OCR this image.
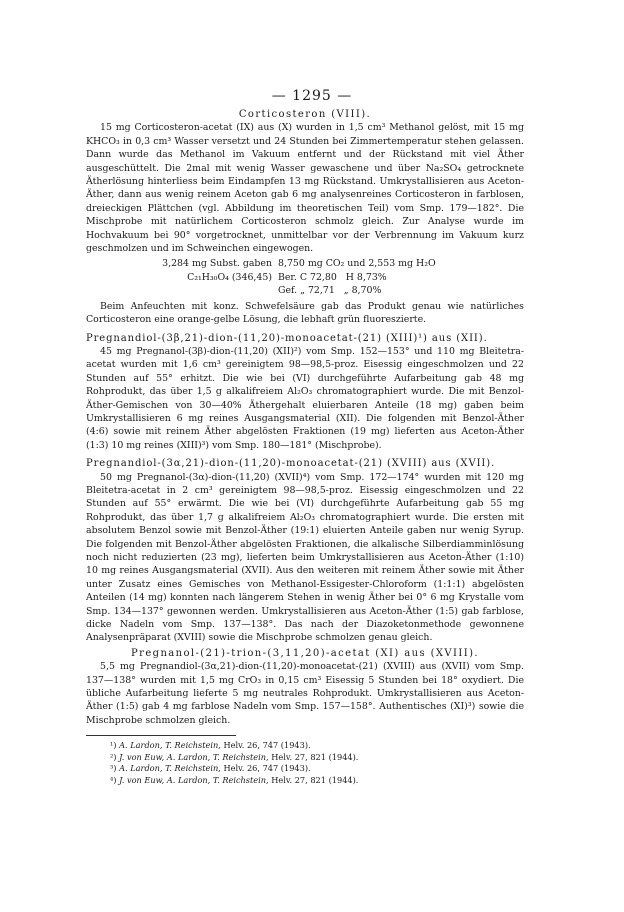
— 1295 —
Corticosteron (VIII).

15 mg Corticosteron-acetat (IX) aus (X) wurden in 1,5 cm³ Methanol gelöst, mit 15 mg KHCO₃ in 0,3 cm³ Wasser versetzt und 24 Stunden bei Zimmertemperatur stehen gelassen. Dann wurde das Methanol im Vakuum entfernt und der Rückstand mit viel Äther ausgeschüttelt. Die 2mal mit wenig Wasser gewaschene und über Na₂SO₄ getrocknete Ätherlösung hinterliess beim Eindampfen 13 mg Rückstand. Umkrystallisieren aus Aceton-Äther, dann aus wenig reinem Aceton gab 6 mg analysenreines Corticosteron in farblosen, dreieckigen Plättchen (vgl. Abbildung im theoretischen Teil) vom Smp. 179—182°. Die Mischprobe mit natürlichem Corticosteron schmolz gleich. Zur Analyse wurde im Hochvakuum bei 90° vorgetrocknet, unmittelbar vor der Verbrennung im Vakuum kurz geschmolzen und im Schweinchen eingewogen.

3,284 mg Subst. gaben 8,750 mg CO₂ und 2,553 mg H₂O
C₂₁H₃₀O₄ (346,45) Ber. C 72,80   H 8,73%
Gef. „ 72,71   „ 8,70%

Beim Anfeuchten mit konz. Schwefelsäure gab das Produkt genau wie natürliches Corticosteron eine orange-gelbe Lösung, die lebhaft grün fluoreszierte.

Pregnandiol-(3β,21)-dion-(11,20)-monoacetat-(21) (XIII)¹) aus (XII).

45 mg Pregnanol-(3β)-dion-(11,20) (XII)²) vom Smp. 152—153° und 110 mg Bleitetra-acetat wurden mit 1,6 cm³ gereinigtem 98—98,5-proz. Eisessig eingeschmolzen und 22 Stunden auf 55° erhitzt. Die wie bei (VI) durchgeführte Aufarbeitung gab 48 mg Rohprodukt, das über 1,5 g alkalifreiem Al₂O₃ chromatographiert wurde. Die mit Benzol-Äther-Gemischen von 30—40% Äthergehalt eluierbaren Anteile (18 mg) gaben beim Umkrystallisieren 6 mg reines Ausgangsmaterial (XII). Die folgenden mit Benzol-Äther (4:6) sowie mit reinem Äther abgelösten Fraktionen (19 mg) lieferten aus Aceton-Äther (1:3) 10 mg reines (XIII)³) vom Smp. 180—181° (Mischprobe).

Pregnandiol-(3α,21)-dion-(11,20)-monoacetat-(21) (XVIII) aus (XVII).

50 mg Pregnanol-(3α)-dion-(11,20) (XVII)⁴) vom Smp. 172—174° wurden mit 120 mg Bleitetra-acetat in 2 cm³ gereinigtem 98—98,5-proz. Eisessig eingeschmolzen und 22 Stunden auf 55° erwärmt. Die wie bei (VI) durchgeführte Aufarbeitung gab 55 mg Rohprodukt, das über 1,7 g alkalifreiem Al₂O₃ chromatographiert wurde. Die ersten mit absolutem Benzol sowie mit Benzol-Äther (19:1) eluierten Anteile gaben nur wenig Syrup. Die folgenden mit Benzol-Äther abgelösten Fraktionen, die alkalische Silberdiamminlösung noch nicht reduzierten (23 mg), lieferten beim Umkrystallisieren aus Aceton-Äther (1:10) 10 mg reines Ausgangsmaterial (XVII). Aus den weiteren mit reinem Äther sowie mit Äther unter Zusatz eines Gemisches von Methanol-Essigester-Chloroform (1:1:1) abgelösten Anteilen (14 mg) konnten nach längerem Stehen in wenig Äther bei 0° 6 mg Krystalle vom Smp. 134—137° gewonnen werden. Umkrystallisieren aus Aceton-Äther (1:5) gab farblose, dicke Nadeln vom Smp. 137—138°. Das nach der Diazoketonmethode gewonnene Analysenpräparat (XVIII) sowie die Mischprobe schmolzen genau gleich.

Pregnanol-(21)-trion-(3,11,20)-acetat (XI) aus (XVIII).

5,5 mg Pregnandiol-(3α,21)-dion-(11,20)-monoacetat-(21) (XVIII) aus (XVII) vom Smp. 137—138° wurden mit 1,5 mg CrO₃ in 0,15 cm³ Eisessig 5 Stunden bei 18° oxydiert. Die übliche Aufarbeitung lieferte 5 mg neutrales Rohprodukt. Umkrystallisieren aus Aceton-Äther (1:5) gab 4 mg farblose Nadeln vom Smp. 157—158°. Authentisches (XI)³) sowie die Mischprobe schmolzen gleich.

¹) A. Lardon, T. Reichstein, Helv. 26, 747 (1943).
²) J. von Euw, A. Lardon, T. Reichstein, Helv. 27, 821 (1944).
³) A. Lardon, T. Reichstein, Helv. 26, 747 (1943).
⁴) J. von Euw, A. Lardon, T. Reichstein, Helv. 27, 821 (1944).
